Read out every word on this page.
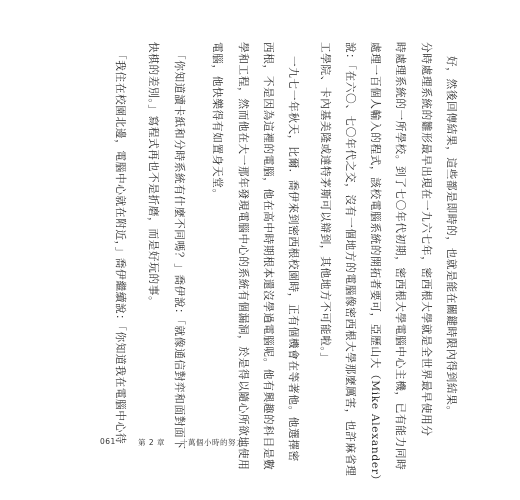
好，然後回傳結果，這些都是即時的，也就是能在關鍵時限內得到結果。
分時處理系統的雛形最早出現在一九六七年，密西根大學就是全世界最早使用分
時處理系統的一所學校。到了七〇年代初期，密西根大學電腦中心主機，已有能力同時
處理一百個人輸入的程式，該校電腦系統的開拓者要可，亞歷山大（Mike Alexander）
說：「在六〇、七〇年代之交，沒有一個地方的電腦像密西根大學那麼厲害，也許麻省理
工學院、卡內基美隆或達特茅斯可以辯到，其他地方不可能啦。」
一九七一年秋天，比爾．喬伊來到密西根校園時，正有個機會在等著他。他選擇密
西根，不是因為這裡的電腦，他在高中時期根本還沒學過電腦呢。他有興趣的科目是數
學和工程，然而他在大一那年發現電腦中心的系統有個漏洞，於是得以隨心所欲地使用
電腦，他快樂得有如置身天堂。
「你知道讀卡紙和分時系統有什麼不同嗎？」喬伊說：「就像通信對弈和面對面下
快棋的差別。」寫程式再也不是折磨，而是好玩的事。
「我住在校園北邊，電腦中心就在附近，」喬伊繼續說：「你知道我在電腦中心待
061	第 2 章 一萬個小時的努力
